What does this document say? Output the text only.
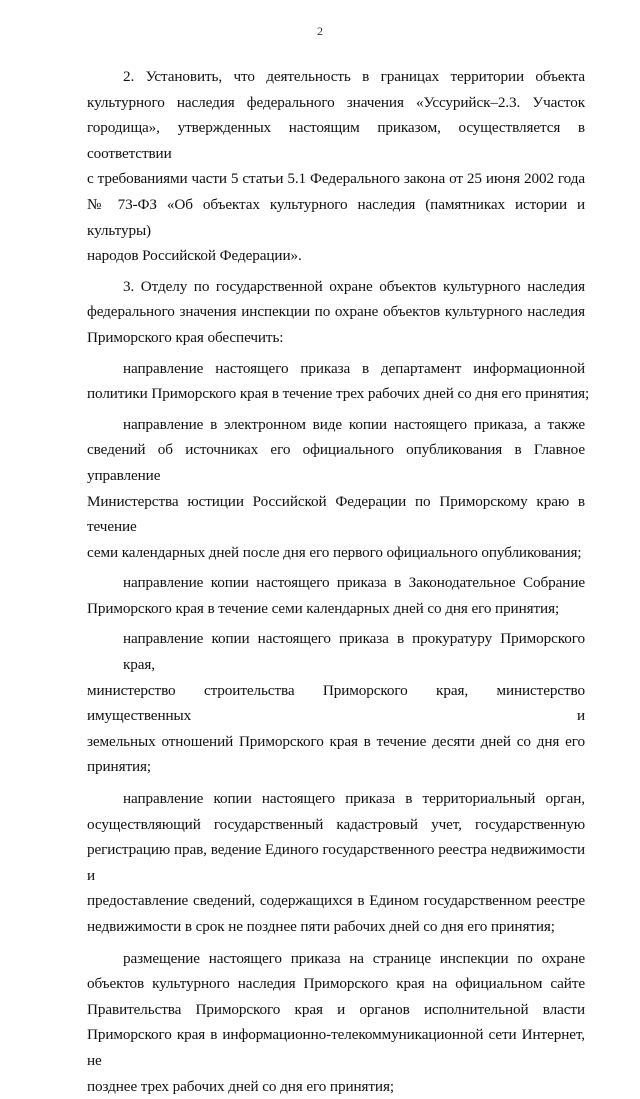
2
2. Установить, что деятельность в границах территории объекта
культурного наследия федерального значения «Уссурийск–2.3. Участок
городища», утвержденных настоящим приказом, осуществляется в соответствии
с требованиями части 5 статьи 5.1 Федерального закона от 25 июня 2002 года
№ 73-ФЗ «Об объектах культурного наследия (памятниках истории и культуры)
народов Российской Федерации».
3. Отделу по государственной охране объектов культурного наследия
федерального значения инспекции по охране объектов культурного наследия
Приморского края обеспечить:
направление настоящего приказа в департамент информационной
политики Приморского края в течение трех рабочих дней со дня его принятия;
направление в электронном виде копии настоящего приказа, а также
сведений об источниках его официального опубликования в Главное управление
Министерства юстиции Российской Федерации по Приморскому краю в течение
семи календарных дней после дня его первого официального опубликования;
направление копии настоящего приказа в Законодательное Собрание
Приморского края в течение семи календарных дней со дня его принятия;
направление копии настоящего приказа в прокуратуру Приморского края,
министерство строительства Приморского края, министерство имущественных и
земельных отношений Приморского края в течение десяти дней со дня его
принятия;
направление копии настоящего приказа в территориальный орган,
осуществляющий государственный кадастровый учет, государственную
регистрацию прав, ведение Единого государственного реестра недвижимости и
предоставление сведений, содержащихся в Едином государственном реестре
недвижимости в срок не позднее пяти рабочих дней со дня его принятия;
размещение настоящего приказа на странице инспекции по охране
объектов культурного наследия Приморского края на официальном сайте
Правительства Приморского края и органов исполнительной власти
Приморского края в информационно-телекоммуникационной сети Интернет, не
позднее трех рабочих дней со дня его принятия;
